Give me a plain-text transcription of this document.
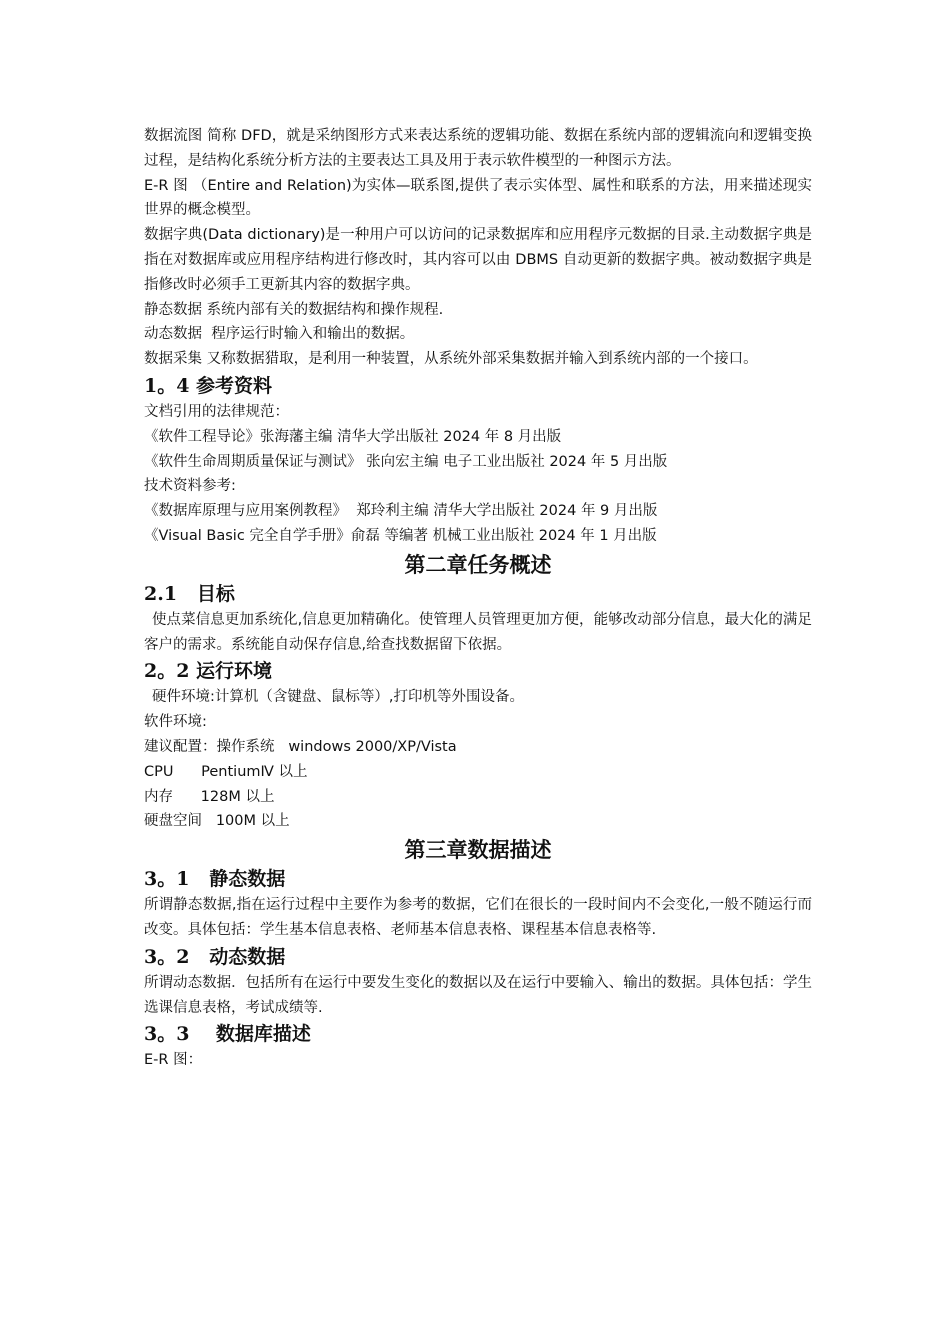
数据流图 简称 DFD，就是采纳图形方式来表达系统的逻辑功能、数据在系统内部的逻辑流向和逻辑变换过程，是结构化系统分析方法的主要表达工具及用于表示软件模型的一种图示方法。

E-R 图 （Entire and Relation)为实体—联系图,提供了表示实体型、属性和联系的方法，用来描述现实世界的概念模型。

数据字典(Data dictionary)是一种用户可以访问的记录数据库和应用程序元数据的目录.主动数据字典是指在对数据库或应用程序结构进行修改时，其内容可以由 DBMS 自动更新的数据字典。被动数据字典是指修改时必须手工更新其内容的数据字典。

静态数据 系统内部有关的数据结构和操作规程.

动态数据  程序运行时输入和输出的数据。

数据采集 又称数据猎取，是利用一种装置，从系统外部采集数据并输入到系统内部的一个接口。

1。4 参考资料

文档引用的法律规范：

《软件工程导论》张海藩主编 清华大学出版社 2024 年 8 月出版

《软件生命周期质量保证与测试》 张向宏主编 电子工业出版社 2024 年 5 月出版

技术资料参考:

《数据库原理与应用案例教程》  郑玲利主编 清华大学出版社 2024 年 9 月出版

《Visual Basic 完全自学手册》俞磊 等编著 机械工业出版社 2024 年 1 月出版

第二章任务概述
2.1   目标

使点菜信息更加系统化,信息更加精确化。使管理人员管理更加方便，能够改动部分信息，最大化的满足客户的需求。系统能自动保存信息,给查找数据留下依据。

2。2 运行环境

硬件环境:计算机（含键盘、鼠标等）,打印机等外围设备。

软件环境:

建议配置：操作系统   windows 2000/XP/Vista

CPU      PentiumⅣ 以上

内存      128M 以上

硬盘空间   100M 以上

第三章数据描述
3。1   静态数据

所谓静态数据,指在运行过程中主要作为参考的数据，它们在很长的一段时间内不会变化,一般不随运行而改变。具体包括：学生基本信息表格、老师基本信息表格、课程基本信息表格等.

3。2   动态数据

所谓动态数据．包括所有在运行中要发生变化的数据以及在运行中要输入、输出的数据。具体包括：学生选课信息表格，考试成绩等.

3。3    数据库描述

E-R 图：
